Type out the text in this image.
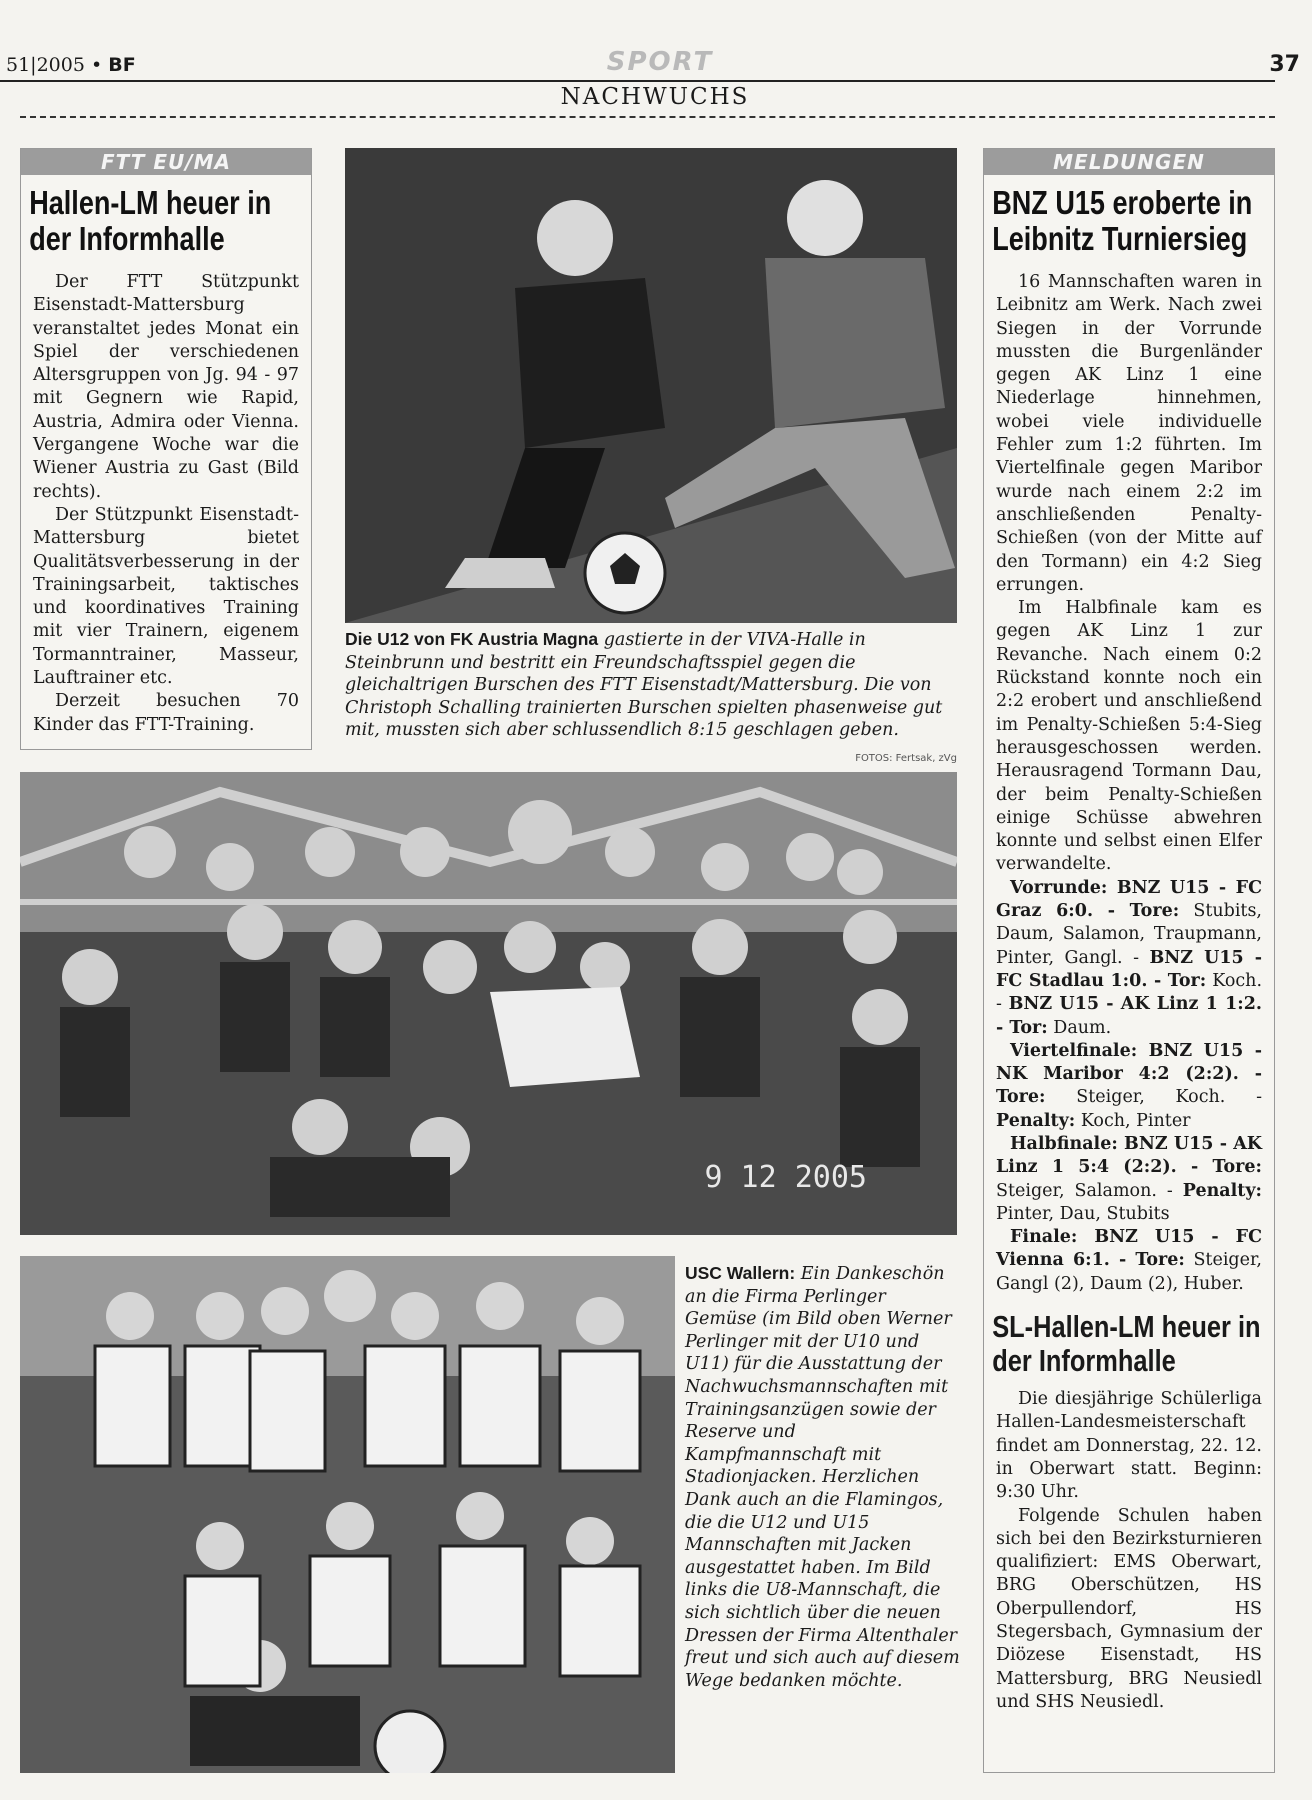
51|2005 • BF	SPORT	37
NACHWUCHS
FTT EU/MA
Hallen-LM heuer in der Informhalle

Der FTT Stützpunkt Eisenstadt-Mattersburg veranstaltet jedes Monat ein Spiel der verschiedenen Altersgruppen von Jg. 94 - 97 mit Gegnern wie Rapid, Austria, Admira oder Vienna. Vergangene Woche war die Wiener Austria zu Gast (Bild rechts).

Der Stützpunkt Eisenstadt-Mattersburg bietet Qualitätsverbesserung in der Trainingsarbeit, taktisches und koordinatives Training mit vier Trainern, eigenem Tormanntrainer, Masseur, Lauftrainer etc.

Derzeit besuchen 70 Kinder das FTT-Training.

Die U12 von FK Austria Magna gastierte in der VIVA-Halle in Steinbrunn und bestritt ein Freundschaftsspiel gegen die gleichaltrigen Burschen des FTT Eisenstadt/Mattersburg. Die von Christoph Schalling trainierten Burschen spielten phasenweise gut mit, mussten sich aber schlussendlich 8:15 geschlagen geben.
FOTOS: Fertsak, zVg
9 12 2005
USC Wallern: Ein Dankeschön an die Firma Perlinger Gemüse (im Bild oben Werner Perlinger mit der U10 und U11) für die Ausstattung der Nachwuchsmannschaften mit Trainingsanzügen sowie der Reserve und Kampfmannschaft mit Stadionjacken. Herzlichen Dank auch an die Flamingos, die die U12 und U15 Mannschaften mit Jacken ausgestattet haben. Im Bild links die U8-Mannschaft, die sich sichtlich über die neuen Dressen der Firma Altenthaler freut und sich auch auf diesem Wege bedanken möchte.
MELDUNGEN
BNZ U15 eroberte in Leibnitz Turniersieg

16 Mannschaften waren in Leibnitz am Werk. Nach zwei Siegen in der Vorrunde mussten die Burgenländer gegen AK Linz 1 eine Niederlage hinnehmen, wobei viele individuelle Fehler zum 1:2 führten. Im Viertelfinale gegen Maribor wurde nach einem 2:2 im anschließenden Penalty-Schießen (von der Mitte auf den Tormann) ein 4:2 Sieg errungen.

Im Halbfinale kam es gegen AK Linz 1 zur Revanche. Nach einem 0:2 Rückstand konnte noch ein 2:2 erobert und anschließend im Penalty-Schießen 5:4-Sieg herausgeschossen werden. Herausragend Tormann Dau, der beim Penalty-Schießen einige Schüsse abwehren konnte und selbst einen Elfer verwandelte.

Vorrunde: BNZ U15 - FC Graz 6:0. - Tore: Stubits, Daum, Salamon, Traupmann, Pinter, Gangl. - BNZ U15 - FC Stadlau 1:0. - Tor: Koch. - BNZ U15 - AK Linz 1 1:2. - Tor: Daum.

Viertelfinale: BNZ U15 - NK Maribor 4:2 (2:2). - Tore: Steiger, Koch. - Penalty: Koch, Pinter

Halbfinale: BNZ U15 - AK Linz 1 5:4 (2:2). - Tore: Steiger, Salamon. - Penalty: Pinter, Dau, Stubits

Finale: BNZ U15 - FC Vienna 6:1. - Tore: Steiger, Gangl (2), Daum (2), Huber.

SL-Hallen-LM heuer in der Informhalle

Die diesjährige Schülerliga Hallen-Landesmeisterschaft findet am Donnerstag, 22. 12. in Oberwart statt. Beginn: 9:30 Uhr.

Folgende Schulen haben sich bei den Bezirksturnieren qualifiziert: EMS Oberwart, BRG Oberschützen, HS Oberpullendorf, HS Stegersbach, Gymnasium der Diözese Eisenstadt, HS Mattersburg, BRG Neusiedl und SHS Neusiedl.
